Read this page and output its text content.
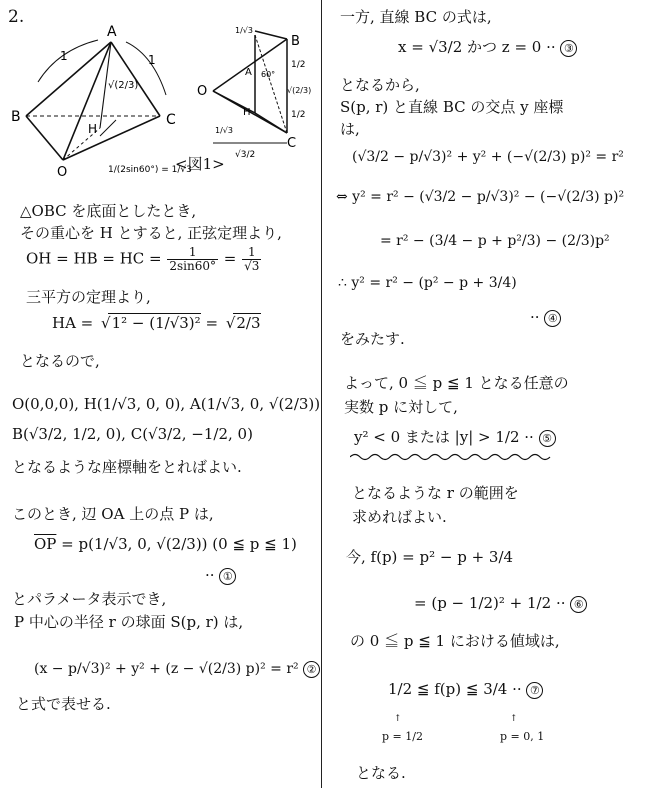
2.
A
B	C
O
H
1	1
√(2/3)
1/(2sin60°) = 1/√3
B
O
C
A
H
1/√3
1/2
1/2
1/√3
√(2/3)
√3/2
60°
<図1>
△OBC を底面としたとき,
その重心を H とすると, 正弦定理より,
OH = HB = HC = $\frac{1}{2\sin 60^\circ} = \frac{1}{√3}$
三平方の定理より,
HA = √ 1² − (1/√3)² = √ 2/3
となるので,
O(0,0,0), H(1/√3, 0, 0), A(1/√3, 0, √(2/3))
B(√3/2, 1/2, 0), C(√3/2, −1/2, 0)
となるような座標軸をとればよい.
このとき, 辺 OA 上の点 P は,
$\overline{OP} = p(1/√3$, 0, √(2/3)) (0 ≦ p ≦ 1)
·· ①
とパラメータ表示でき,
P 中心の半径 r の球面 S(p, r) は,
(x − p/√3)² + y² + (z − √(2/3) p)² = r² ②
と式で表せる.
一方, 直線 BC の式は,
x = √3/2 かつ z = 0 ·· ③
となるから,
S(p, r) と直線 BC の交点 y 座標
は,
(√3/2 − p/√3)² + y² + (−√(2/3) p)² = r²
⇔ y² = r² − (√3/2 − p/√3)² − (−√(2/3) p)²
= r² − (3/4 − p + p²/3) − (2/3)p²
∴ y² = r² − (p² − p + 3/4)
·· ④
をみたす.
よって, 0 ≦ p ≦ 1 となる任意の
実数 p に対して,
y² < 0 または |y| > 1/2 ·· ⑤
となるような r の範囲を
求めればよい.
今, f(p) = p² − p + 3/4
= (p − 1/2)² + 1/2 ·· ⑥
の 0 ≦ p ≦ 1 における値域は,
1/2 ≦ f(p) ≦ 3/4 ·· ⑦
↑	↑
p = 1/2	p = 0, 1
となる.
